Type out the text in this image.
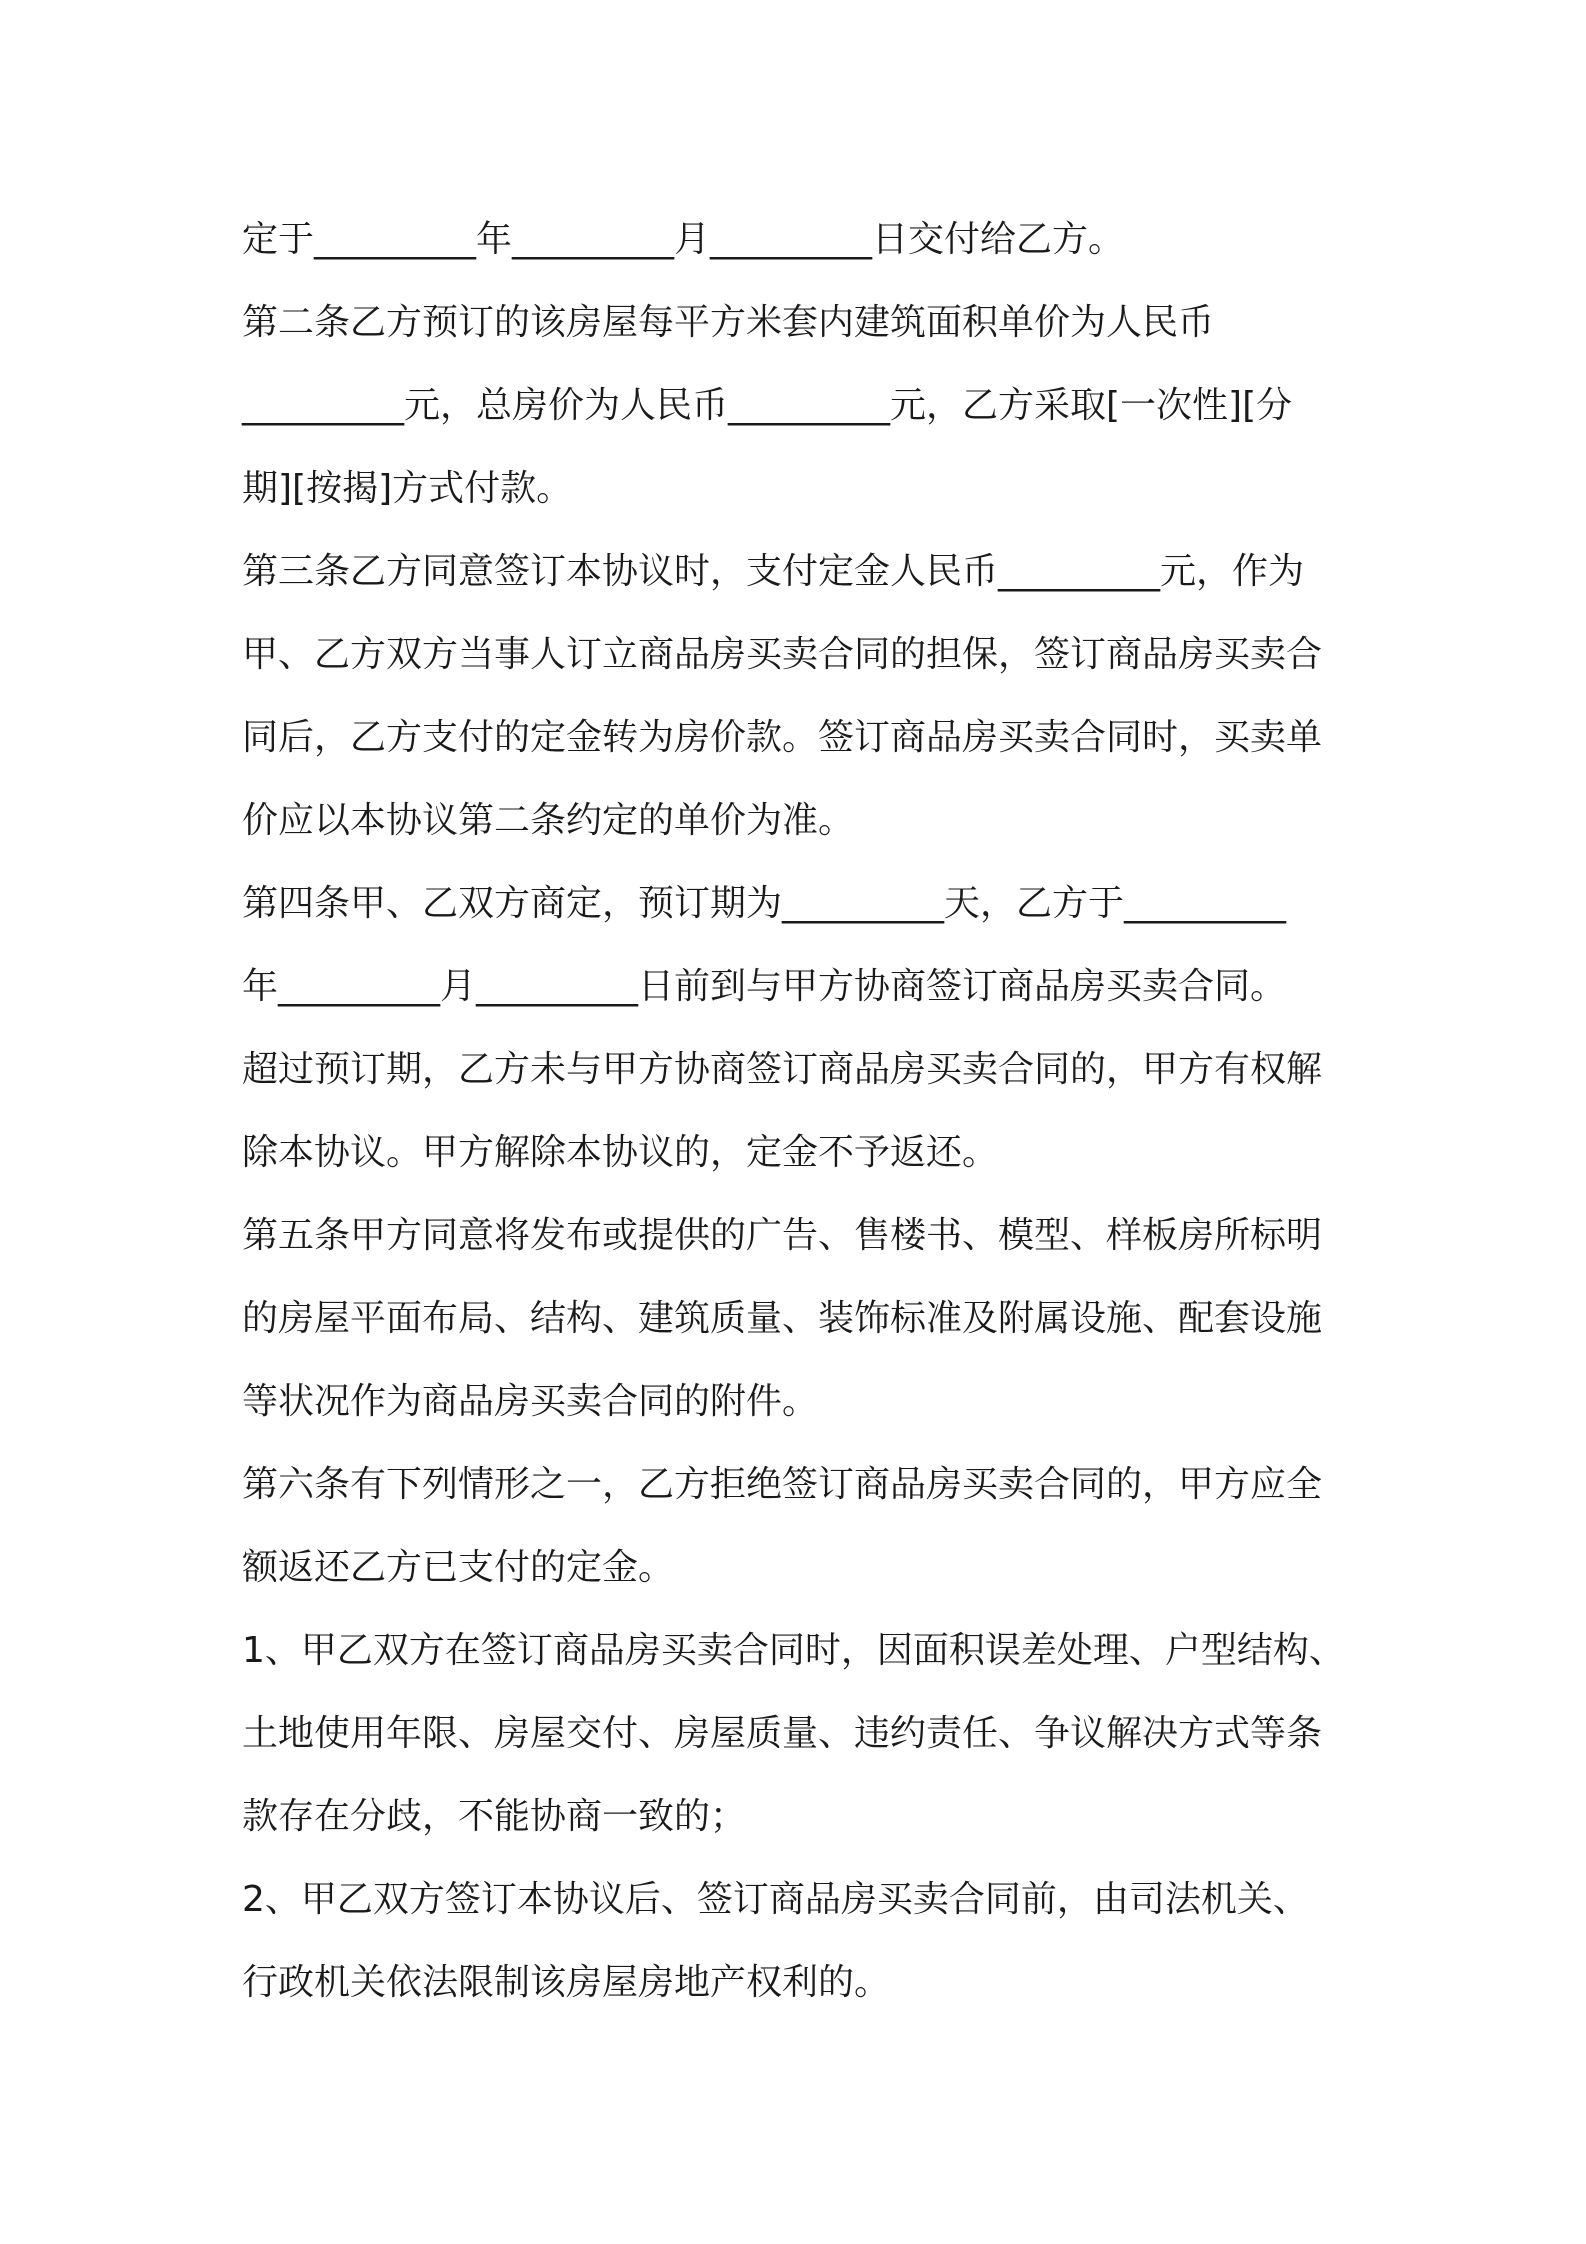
定于_________年_________月_________日交付给乙方。

第二条乙方预订的该房屋每平方米套内建筑面积单价为人民币

_________元，总房价为人民币_________元，乙方采取[一次性][分

期][按揭]方式付款。

第三条乙方同意签订本协议时，支付定金人民币_________元，作为

甲、乙方双方当事人订立商品房买卖合同的担保，签订商品房买卖合

同后，乙方支付的定金转为房价款。签订商品房买卖合同时，买卖单

价应以本协议第二条约定的单价为准。

第四条甲、乙双方商定，预订期为_________天，乙方于_________

年_________月_________日前到与甲方协商签订商品房买卖合同。

超过预订期，乙方未与甲方协商签订商品房买卖合同的，甲方有权解

除本协议。甲方解除本协议的，定金不予返还。

第五条甲方同意将发布或提供的广告、售楼书、模型、样板房所标明

的房屋平面布局、结构、建筑质量、装饰标准及附属设施、配套设施

等状况作为商品房买卖合同的附件。

第六条有下列情形之一，乙方拒绝签订商品房买卖合同的，甲方应全

额返还乙方已支付的定金。

1、甲乙双方在签订商品房买卖合同时，因面积误差处理、户型结构、

土地使用年限、房屋交付、房屋质量、违约责任、争议解决方式等条

款存在分歧，不能协商一致的；

2、甲乙双方签订本协议后、签订商品房买卖合同前，由司法机关、

行政机关依法限制该房屋房地产权利的。
